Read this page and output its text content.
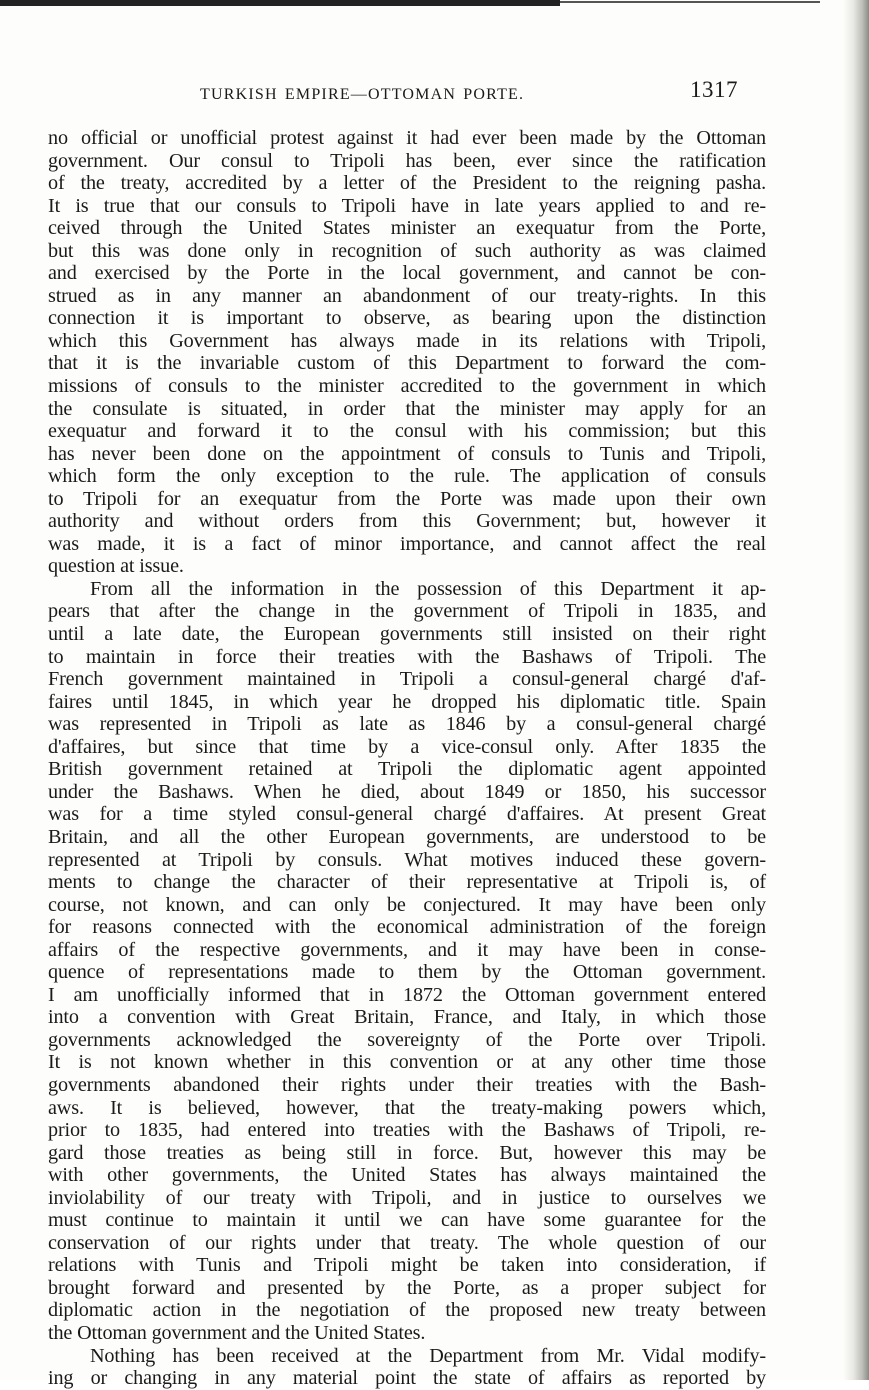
TURKISH EMPIRE—OTTOMAN PORTE.	1317
no official or unofficial protest against it had ever been made by the Ottoman
government. Our consul to Tripoli has been, ever since the ratification
of the treaty, accredited by a letter of the President to the reigning pasha.
It is true that our consuls to Tripoli have in late years applied to and re-
ceived through the United States minister an exequatur from the Porte,
but this was done only in recognition of such authority as was claimed
and exercised by the Porte in the local government, and cannot be con-
strued as in any manner an abandonment of our treaty-rights. In this
connection it is important to observe, as bearing upon the distinction
which this Government has always made in its relations with Tripoli,
that it is the invariable custom of this Department to forward the com-
missions of consuls to the minister accredited to the government in which
the consulate is situated, in order that the minister may apply for an
exequatur and forward it to the consul with his commission; but this
has never been done on the appointment of consuls to Tunis and Tripoli,
which form the only exception to the rule. The application of consuls
to Tripoli for an exequatur from the Porte was made upon their own
authority and without orders from this Government; but, however it
was made, it is a fact of minor importance, and cannot affect the real
question at issue.
From all the information in the possession of this Department it ap-
pears that after the change in the government of Tripoli in 1835, and
until a late date, the European governments still insisted on their right
to maintain in force their treaties with the Bashaws of Tripoli. The
French government maintained in Tripoli a consul-general chargé d'af-
faires until 1845, in which year he dropped his diplomatic title. Spain
was represented in Tripoli as late as 1846 by a consul-general chargé
d'affaires, but since that time by a vice-consul only. After 1835 the
British government retained at Tripoli the diplomatic agent appointed
under the Bashaws. When he died, about 1849 or 1850, his successor
was for a time styled consul-general chargé d'affaires. At present Great
Britain, and all the other European governments, are understood to be
represented at Tripoli by consuls. What motives induced these govern-
ments to change the character of their representative at Tripoli is, of
course, not known, and can only be conjectured. It may have been only
for reasons connected with the economical administration of the foreign
affairs of the respective governments, and it may have been in conse-
quence of representations made to them by the Ottoman government.
I am unofficially informed that in 1872 the Ottoman government entered
into a convention with Great Britain, France, and Italy, in which those
governments acknowledged the sovereignty of the Porte over Tripoli.
It is not known whether in this convention or at any other time those
governments abandoned their rights under their treaties with the Bash-
aws. It is believed, however, that the treaty-making powers which,
prior to 1835, had entered into treaties with the Bashaws of Tripoli, re-
gard those treaties as being still in force. But, however this may be
with other governments, the United States has always maintained the
inviolability of our treaty with Tripoli, and in justice to ourselves we
must continue to maintain it until we can have some guarantee for the
conservation of our rights under that treaty. The whole question of our
relations with Tunis and Tripoli might be taken into consideration, if
brought forward and presented by the Porte, as a proper subject for
diplomatic action in the negotiation of the proposed new treaty between
the Ottoman government and the United States.
Nothing has been received at the Department from Mr. Vidal modify-
ing or changing in any material point the state of affairs as reported by
